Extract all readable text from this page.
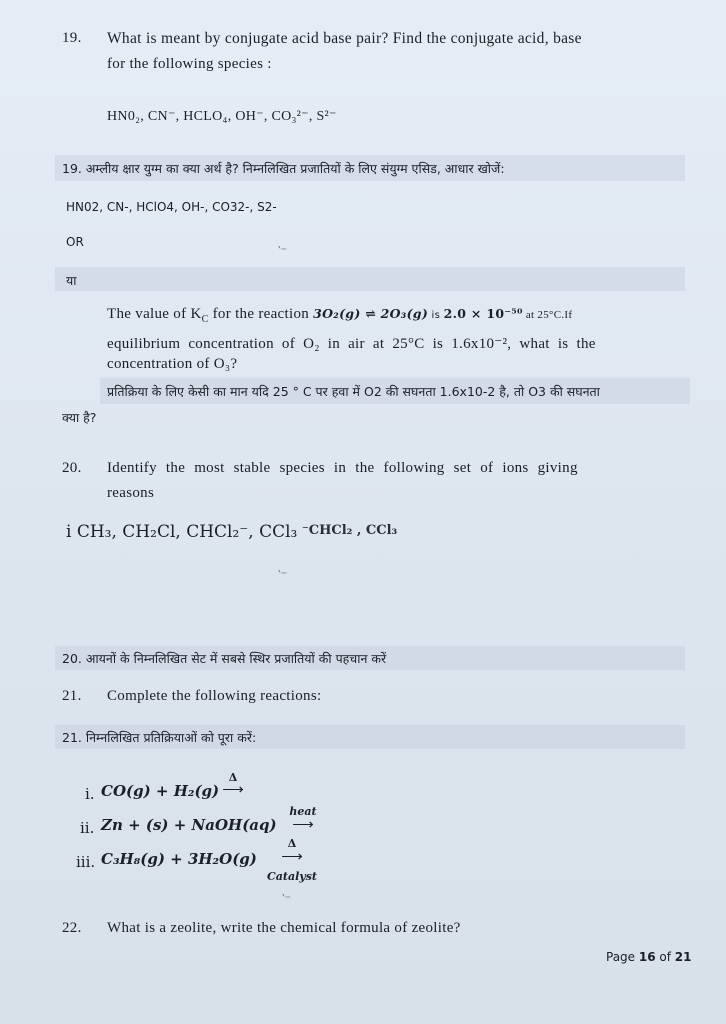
19. What is meant by conjugate acid base pair? Find the conjugate acid, base
for the following species :
HN0₂, CN⁻, HCLO₄, OH⁻, CO₃²⁻, S²⁻
19. अम्लीय क्षार युग्म का क्या अर्थ है? निम्नलिखित प्रजातियों के लिए संयुग्म एसिड, आधार खोजें:
HN02, CN-, HClO4, OH-, CO32-, S2-
OR
‵⁻
या
The value of $K_C$ for the reaction 3O₂(g) ⇌ 2O₃(g) is 2.0 × 10⁻⁵⁰ at 25°C.If
equilibrium concentration of O₂ in air at 25°C is 1.6x10⁻², what is the
concentration of O₃?
प्रतिक्रिया के लिए केसी का मान यदि 25 ° C पर हवा में O2 की सघनता 1.6x10-2 है, तो O3 की सघनता
क्या है?
20. Identify the most stable species in the following set of ions giving
reasons
i CH₃, CH₂Cl, CHCl₂⁻, CCl₃ ⁻CHCl₂ , CCl₃
‵⁻
20. आयनों के निम्नलिखित सेट में सबसे स्थिर प्रजातियों की पहचान करें
21. Complete the following reactions:
21. निम्नलिखित प्रतिक्रियाओं को पूरा करें:
i. CO(g) + H₂(g)
Δ
⟶
ii. Zn + (s) + NaOH(aq)
heat
⟶
iii. C₃H₈(g) + 3H₂O(g)
Δ
⟶
Catalyst
‵⁻
22. What is a zeolite, write the chemical formula of zeolite?
Page 16 of 21
